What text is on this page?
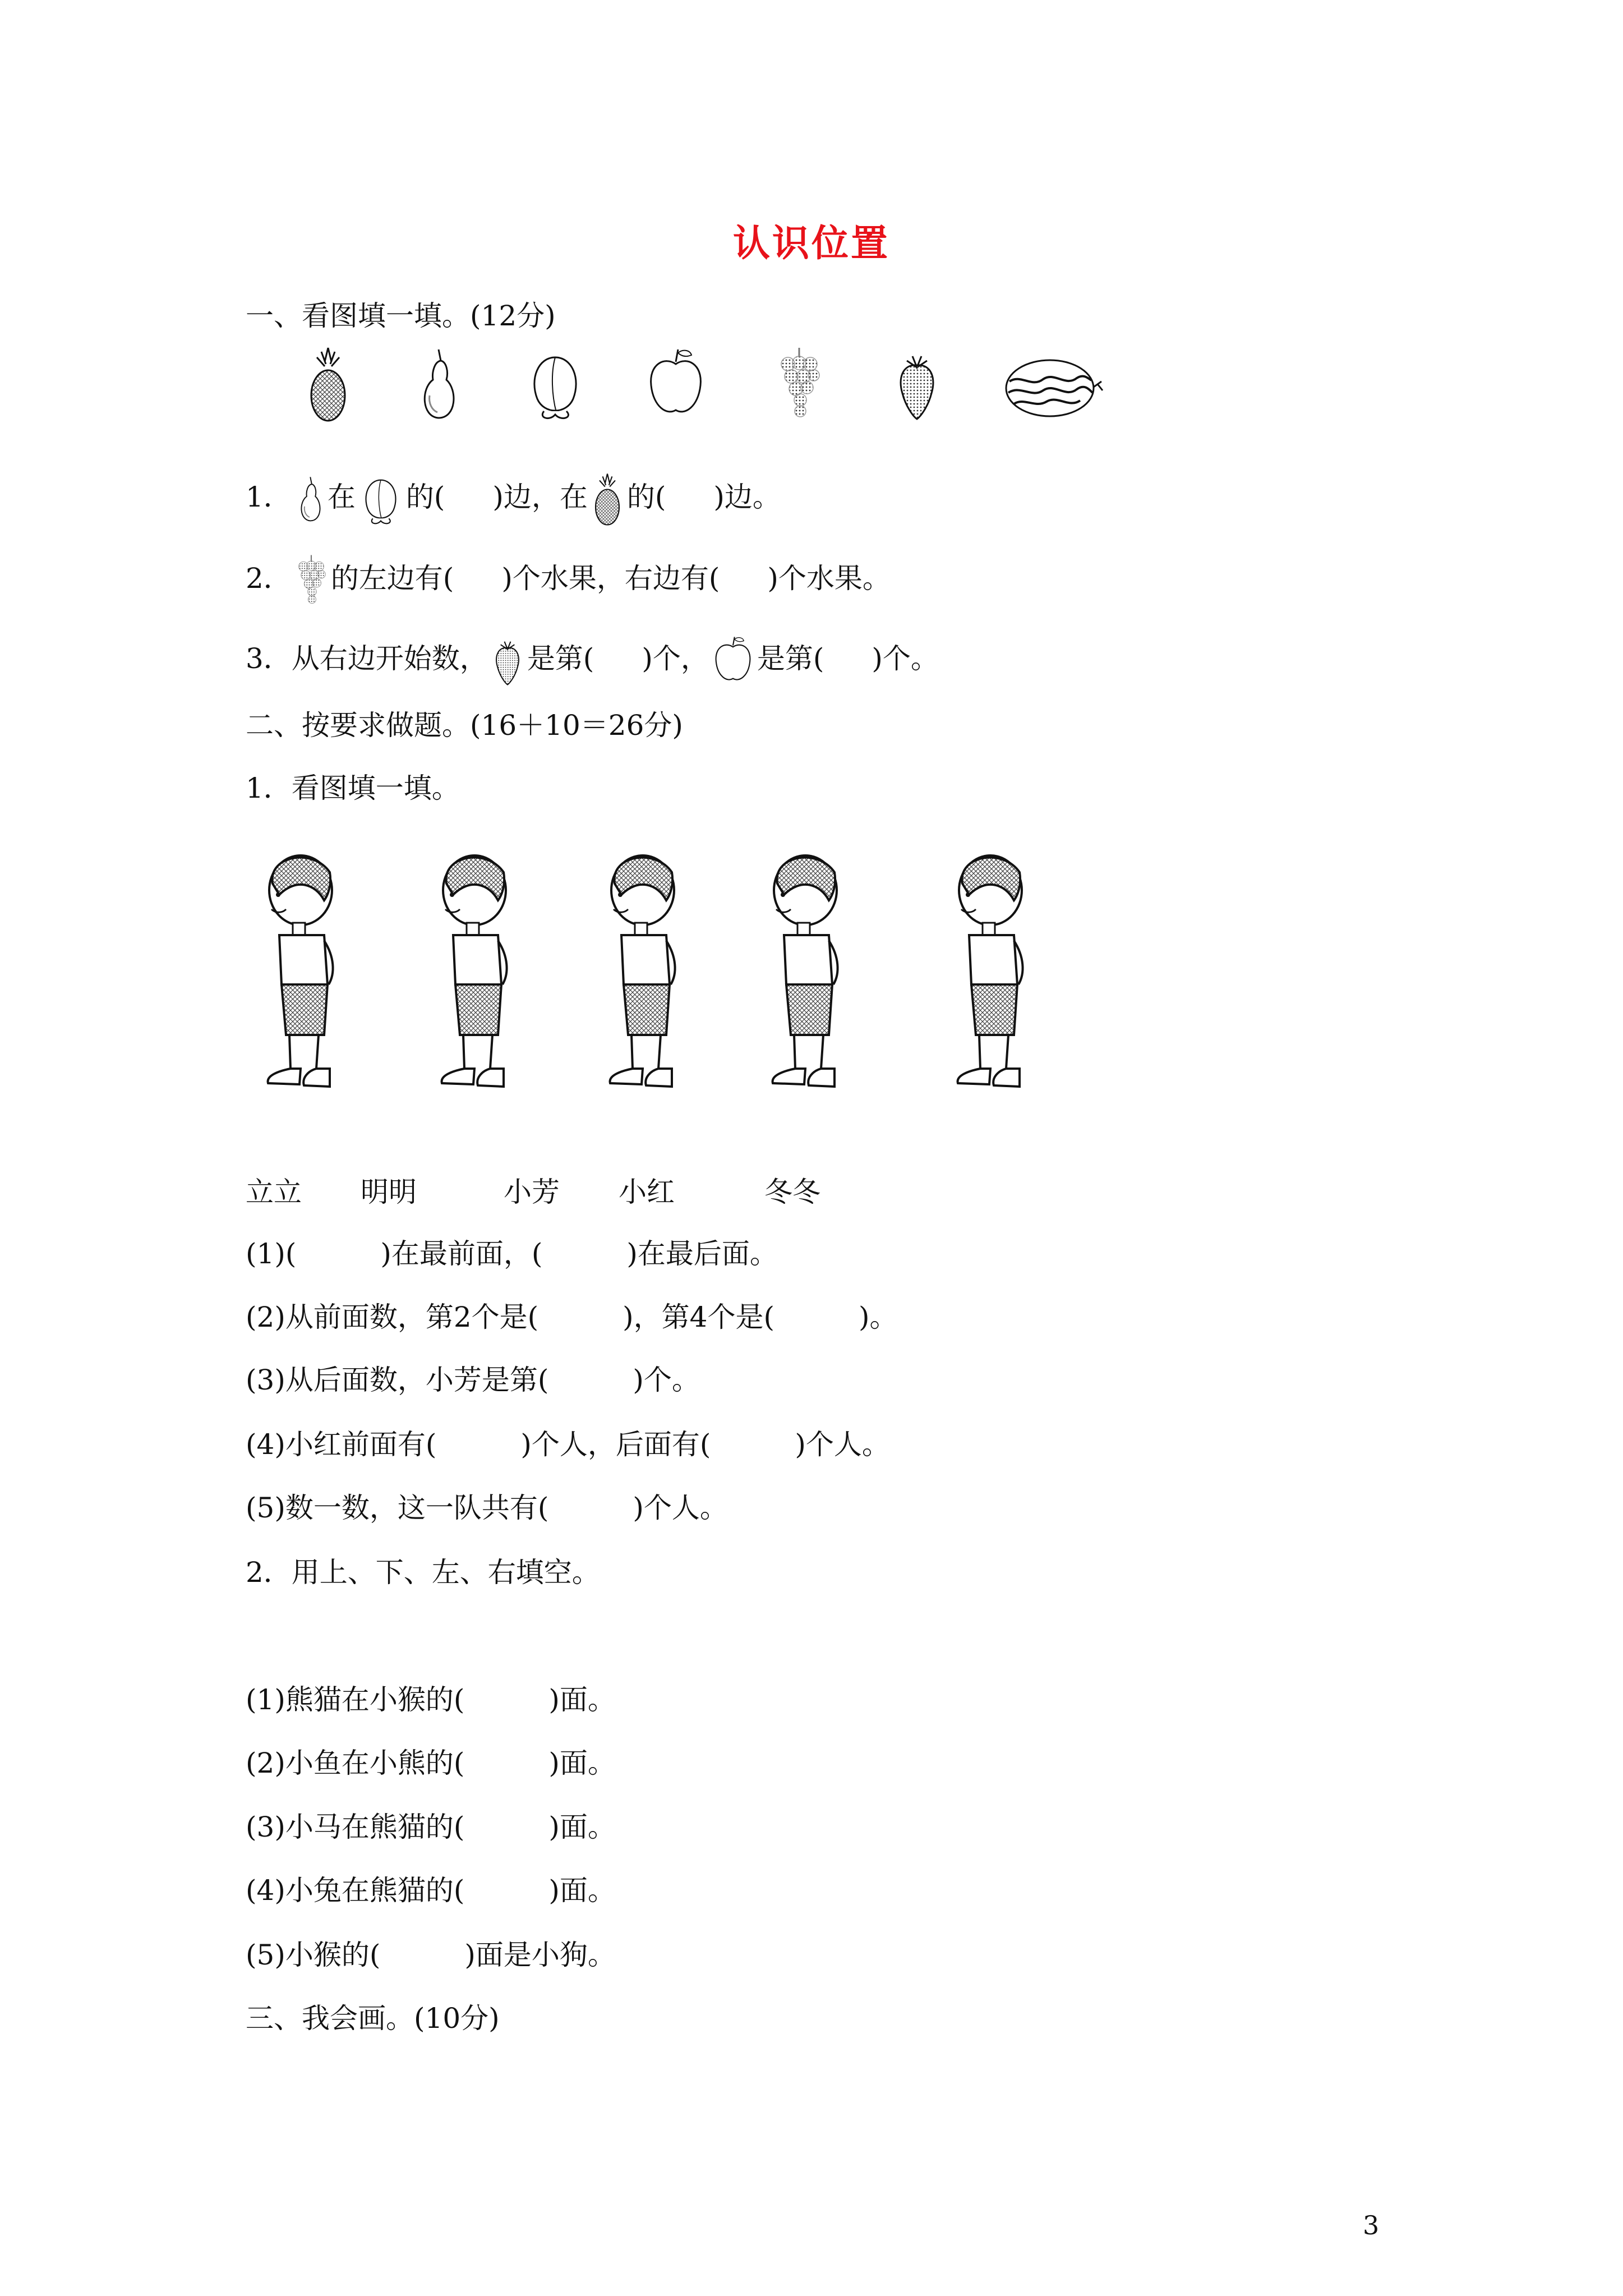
认识位置
一、看图填一填。(12分)
1． 在 的( )边，在 的( )边。
2． 的左边有( )个水果，右边有( )个水果。
3．从右边开始数， 是第( )个， 是第( )个。
二、按要求做题。(16＋10＝26分)
1．看图填一填。
立立 明明	小芳 小红	冬冬
(1)(	)在最前面，(	)在最后面。
(2)从前面数，第2个是(	)，第4个是(	)。
(3)从后面数，小芳是第(	)个。
(4)小红前面有(	)个人，后面有(	)个人。
(5)数一数，这一队共有(	)个人。
2．用上、下、左、右填空。
(1)熊猫在小猴的(	)面。
(2)小鱼在小熊的(	)面。
(3)小马在熊猫的(	)面。
(4)小兔在熊猫的(	)面。
(5)小猴的(	)面是小狗。
三、我会画。(10分)
3
